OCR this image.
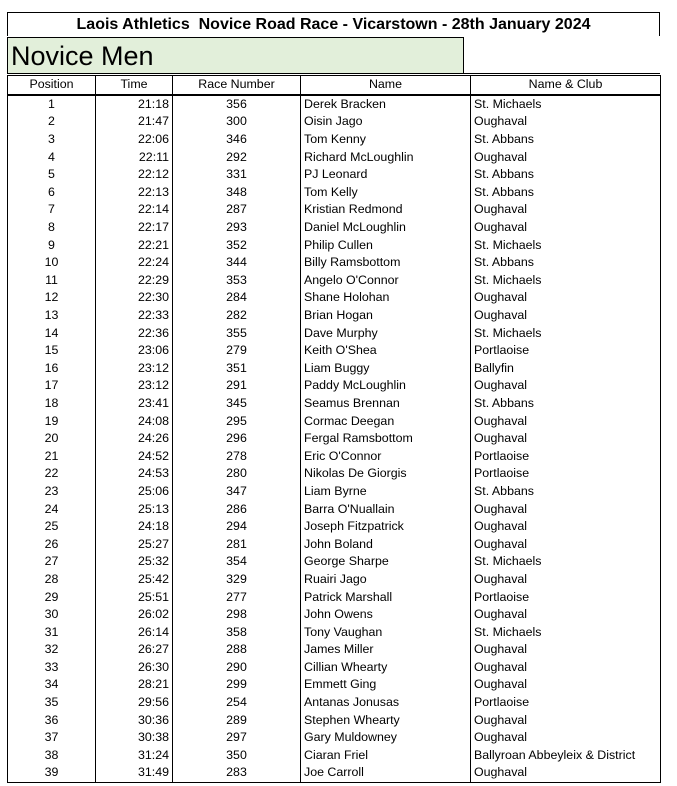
Laois Athletics  Novice Road Race - Vicarstown - 28th January 2024
Novice Men
Position	Time	Race Number	Name	Name & Club
1	21:18	356	Derek Bracken	St. Michaels
2	21:47	300	Oisin Jago	Oughaval
3	22:06	346	Tom Kenny	St. Abbans
4	22:11	292	Richard McLoughlin	Oughaval
5	22:12	331	PJ Leonard	St. Abbans
6	22:13	348	Tom Kelly	St. Abbans
7	22:14	287	Kristian Redmond	Oughaval
8	22:17	293	Daniel McLoughlin	Oughaval
9	22:21	352	Philip Cullen	St. Michaels
10	22:24	344	Billy Ramsbottom	St. Abbans
11	22:29	353	Angelo O'Connor	St. Michaels
12	22:30	284	Shane Holohan	Oughaval
13	22:33	282	Brian Hogan	Oughaval
14	22:36	355	Dave Murphy	St. Michaels
15	23:06	279	Keith O'Shea	Portlaoise
16	23:12	351	Liam Buggy	Ballyfin
17	23:12	291	Paddy McLoughlin	Oughaval
18	23:41	345	Seamus Brennan	St. Abbans
19	24:08	295	Cormac Deegan	Oughaval
20	24:26	296	Fergal Ramsbottom	Oughaval
21	24:52	278	Eric O'Connor	Portlaoise
22	24:53	280	Nikolas De Giorgis	Portlaoise
23	25:06	347	Liam Byrne	St. Abbans
24	25:13	286	Barra O'Nuallain	Oughaval
25	24:18	294	Joseph Fitzpatrick	Oughaval
26	25:27	281	John Boland	Oughaval
27	25:32	354	George Sharpe	St. Michaels
28	25:42	329	Ruairi Jago	Oughaval
29	25:51	277	Patrick Marshall	Portlaoise
30	26:02	298	John Owens	Oughaval
31	26:14	358	Tony Vaughan	St. Michaels
32	26:27	288	James Miller	Oughaval
33	26:30	290	Cillian Whearty	Oughaval
34	28:21	299	Emmett Ging	Oughaval
35	29:56	254	Antanas Jonusas	Portlaoise
36	30:36	289	Stephen Whearty	Oughaval
37	30:38	297	Gary Muldowney	Oughaval
38	31:24	350	Ciaran Friel	Ballyroan Abbeyleix & District
39	31:49	283	Joe Carroll	Oughaval
